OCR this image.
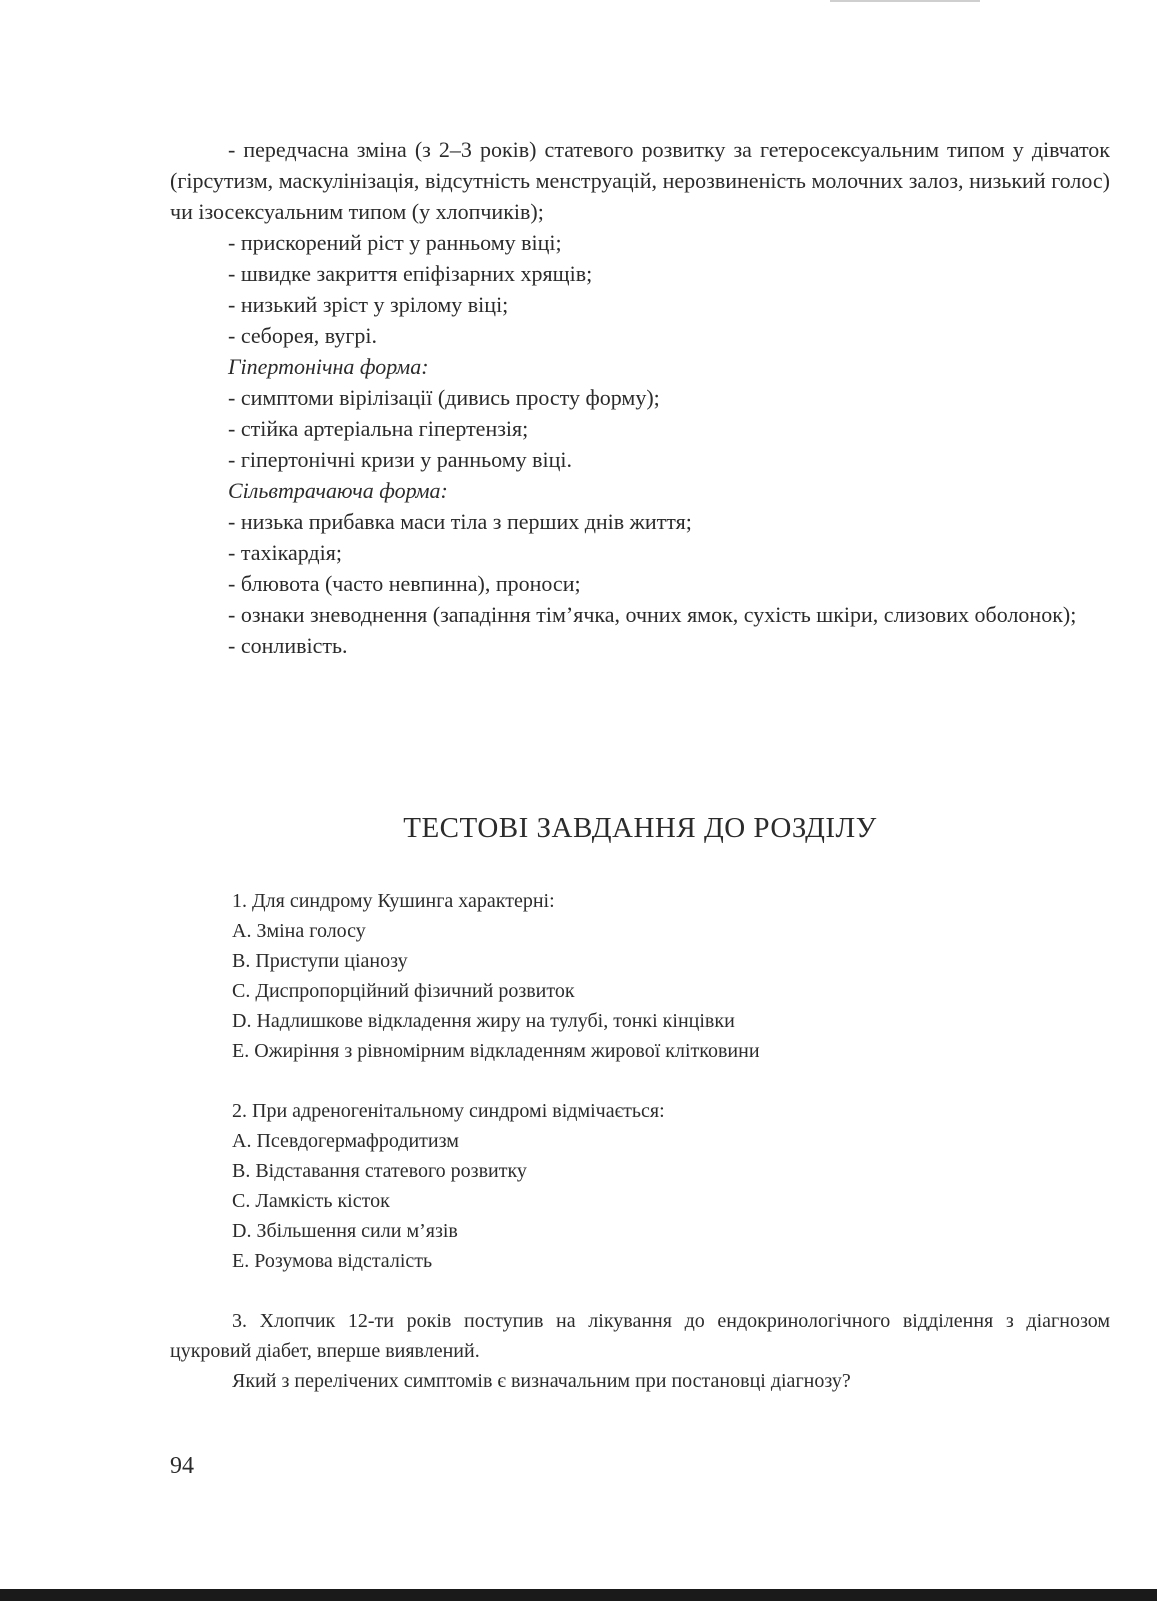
- передчасна зміна (з 2–3 років) статевого розвитку за гетеросексуальним типом у дівчаток (гірсутизм, маскулінізація, відсутність менструацій, нерозвиненість молочних залоз, низький голос) чи ізосексуальним типом (у хлопчиків);

- прискорений ріст у ранньому віці;

- швидке закриття епіфізарних хрящів;

- низький зріст у зрілому віці;

- себорея, вугрі.

Гіпертонічна форма:

- симптоми вірілізації (дивись просту форму);

- стійка артеріальна гіпертензія;

- гіпертонічні кризи у ранньому віці.

Сільвтрачаюча форма:

- низька прибавка маси тіла з перших днів життя;

- тахікардія;

- блювота (часто невпинна), проноси;

- ознаки зневоднення (западіння тім’ячка, очних ямок, сухість шкіри, слизових оболонок);

- сонливість.

ТЕСТОВІ ЗАВДАННЯ ДО РОЗДІЛУ

1. Для синдрому Кушинга характерні:

А. Зміна голосу

В. Приступи ціанозу

С. Диспропорційний фізичний розвиток

D. Надлишкове відкладення жиру на тулубі, тонкі кінцівки

Е. Ожиріння з рівномірним відкладенням жирової клітковини

2. При адреногенітальному синдромі відмічається:

А. Псевдогермафродитизм

В. Відставання статевого розвитку

С. Ламкість кісток

D. Збільшення сили м’язів

Е. Розумова відсталість

3. Хлопчик 12-ти років поступив на лікування до ендокринологічного відділення з діагнозом цукровий діабет, вперше виявлений.

Який з перелічених симптомів є визначальним при постановці діагнозу?

94
